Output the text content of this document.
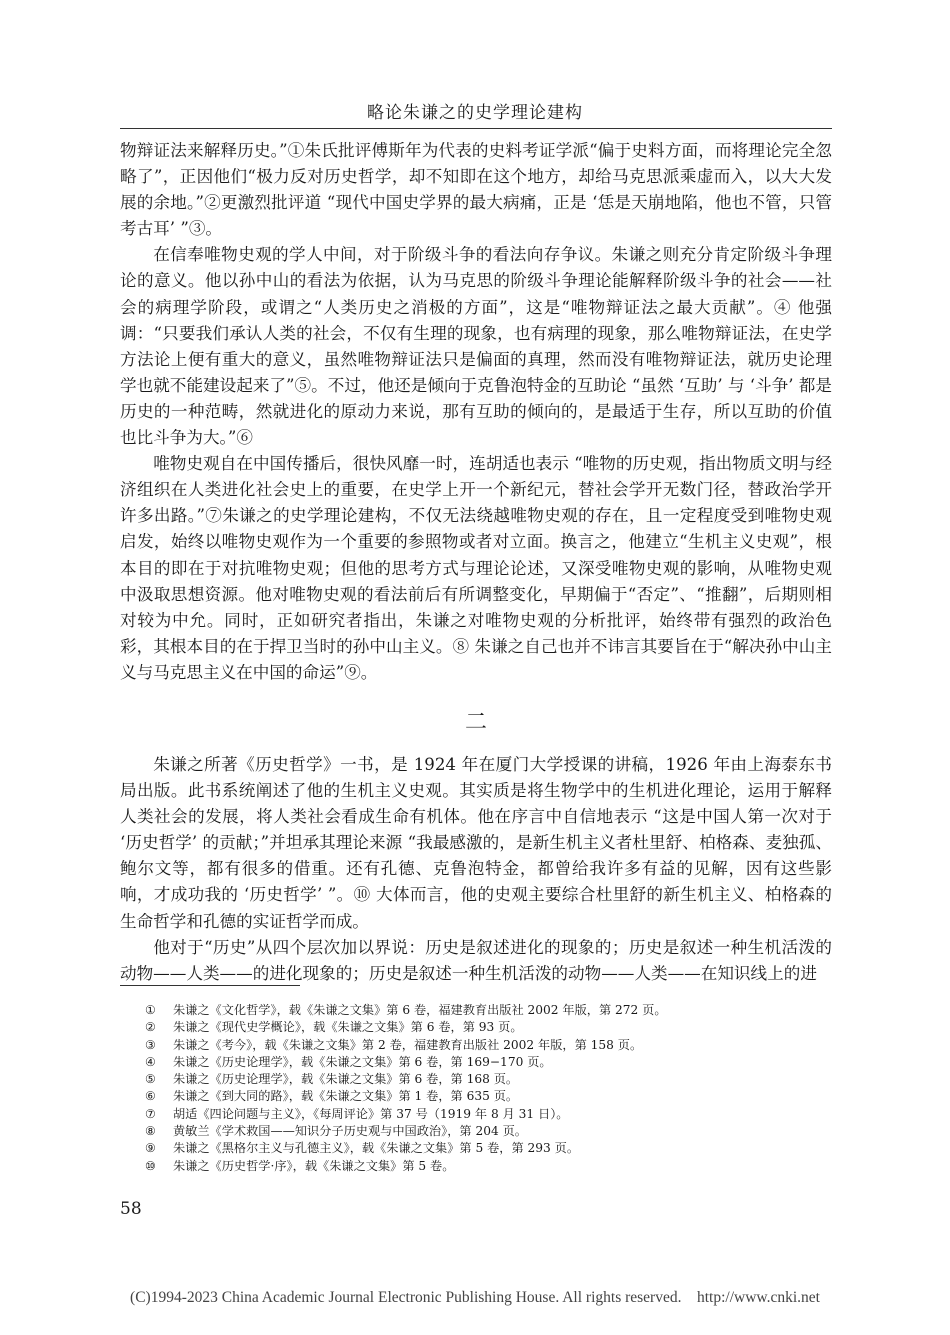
略论朱谦之的史学理论建构

物辩证法来解释历史。”①朱氏批评傅斯年为代表的史料考证学派“偏于史料方面，而将理论完全忽略了”，正因他们“极力反对历史哲学，却不知即在这个地方，却给马克思派乘虚而入，以大大发展的余地。”②更激烈批评道 “现代中国史学界的最大病痛，正是 ‘恁是天崩地陷，他也不管，只管考古耳’ ”③。

在信奉唯物史观的学人中间，对于阶级斗争的看法向存争议。朱谦之则充分肯定阶级斗争理论的意义。他以孙中山的看法为依据，认为马克思的阶级斗争理论能解释阶级斗争的社会——社会的病理学阶段，或谓之“人类历史之消极的方面”，这是“唯物辩证法之最大贡献”。④ 他强调：“只要我们承认人类的社会，不仅有生理的现象，也有病理的现象，那么唯物辩证法，在史学方法论上便有重大的意义，虽然唯物辩证法只是偏面的真理，然而没有唯物辩证法，就历史论理学也就不能建设起来了”⑤。不过，他还是倾向于克鲁泡特金的互助论 “虽然 ‘互助’ 与 ‘斗争’ 都是历史的一种范畴，然就进化的原动力来说，那有互助的倾向的，是最适于生存，所以互助的价值也比斗争为大。”⑥

唯物史观自在中国传播后，很快风靡一时，连胡适也表示 “唯物的历史观，指出物质文明与经济组织在人类进化社会史上的重要，在史学上开一个新纪元，替社会学开无数门径，替政治学开许多出路。”⑦朱谦之的史学理论建构，不仅无法绕越唯物史观的存在，且一定程度受到唯物史观启发，始终以唯物史观作为一个重要的参照物或者对立面。换言之，他建立“生机主义史观”，根本目的即在于对抗唯物史观；但他的思考方式与理论论述，又深受唯物史观的影响，从唯物史观中汲取思想资源。他对唯物史观的看法前后有所调整变化，早期偏于“否定”、“推翻”，后期则相对较为中允。同时，正如研究者指出，朱谦之对唯物史观的分析批评，始终带有强烈的政治色彩，其根本目的在于捍卫当时的孙中山主义。⑧ 朱谦之自己也并不讳言其要旨在于“解决孙中山主义与马克思主义在中国的命运”⑨。

二

朱谦之所著《历史哲学》一书，是 1924 年在厦门大学授课的讲稿，1926 年由上海泰东书局出版。此书系统阐述了他的生机主义史观。其实质是将生物学中的生机进化理论，运用于解释人类社会的发展，将人类社会看成生命有机体。他在序言中自信地表示 “这是中国人第一次对于 ‘历史哲学’ 的贡献；”并坦承其理论来源 “我最感激的，是新生机主义者杜里舒、柏格森、麦独孤、鲍尔文等，都有很多的借重。还有孔德、克鲁泡特金，都曾给我许多有益的见解，因有这些影响，才成功我的 ‘历史哲学’ ”。⑩ 大体而言，他的史观主要综合杜里舒的新生机主义、柏格森的生命哲学和孔德的实证哲学而成。

他对于“历史”从四个层次加以界说：历史是叙述进化的现象的；历史是叙述一种生机活泼的动物——人类——的进化现象的；历史是叙述一种生机活泼的动物——人类——在知识线上的进

①	朱谦之《文化哲学》，载《朱谦之文集》第 6 卷，福建教育出版社 2002 年版，第 272 页。
②	朱谦之《现代史学概论》，载《朱谦之文集》第 6 卷，第 93 页。
③	朱谦之《考今》，载《朱谦之文集》第 2 卷，福建教育出版社 2002 年版，第 158 页。
④	朱谦之《历史论理学》，载《朱谦之文集》第 6 卷，第 169−170 页。
⑤	朱谦之《历史论理学》，载《朱谦之文集》第 6 卷，第 168 页。
⑥	朱谦之《到大同的路》，载《朱谦之文集》第 1 卷，第 635 页。
⑦	胡适《四论问题与主义》，《每周评论》第 37 号（1919 年 8 月 31 日）。
⑧	黄敏兰《学术救国——知识分子历史观与中国政治》，第 204 页。
⑨	朱谦之《黑格尔主义与孔德主义》，载《朱谦之文集》第 5 卷，第 293 页。
⑩	朱谦之《历史哲学·序》，载《朱谦之文集》第 5 卷。
58
(C)1994-2023 China Academic Journal Electronic Publishing House. All rights reserved.    http://www.cnki.net
